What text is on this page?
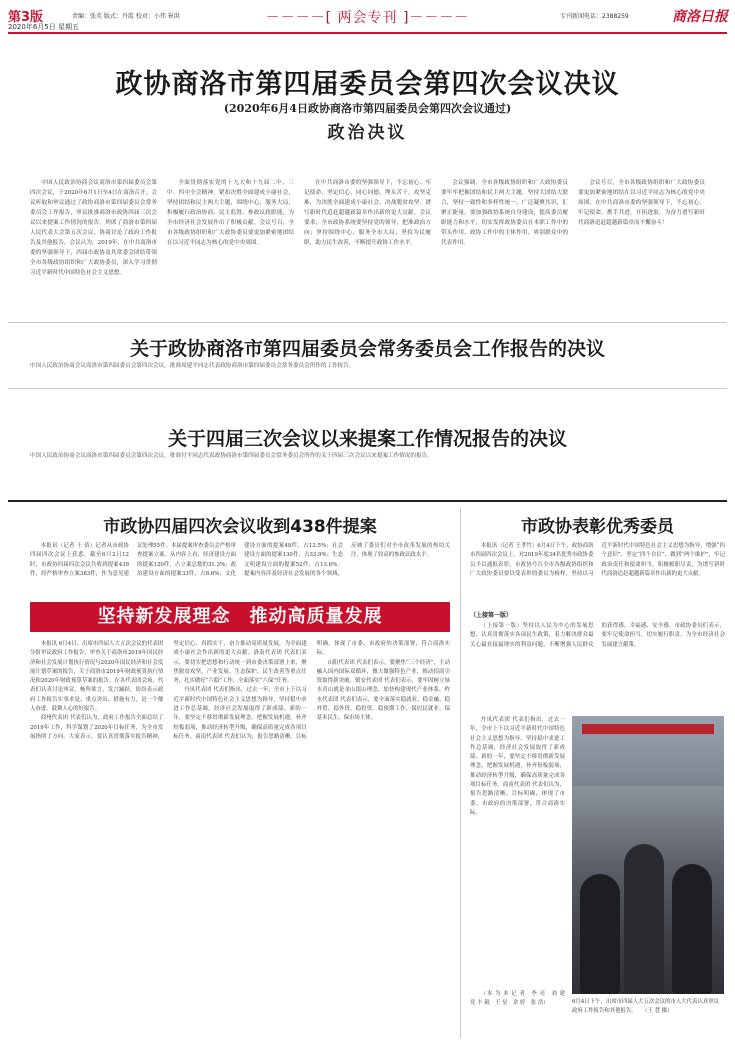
第3版
2020年6月5日 星期五
责编：张英 版式：丹霞 校对：小伟 崔洪	－－－－[ 两会专刊 ]－－－－	专刊新闻电话：2388259	商洛日报
政协商洛市第四届委员会第四次会议决议
(2020年6月4日政协商洛市第四届委员会第四次会议通过)
政治决议

中国人民政治协商会议商洛市第四届委员会第四次会议，于2020年6月1日至4日在商洛召开。会议听取和审议通过了政协商洛市第四届委员会常务委员会工作报告，审议批准商洛市政协四届三次会议以来提案工作情况的报告，列席了商洛市第四届人民代表大会第五次会议，协商讨论了政府工作报告及其他报告。会议认为，2019年，在中共商洛市委的坚强领导下，四届市政协及其常委会团结带领全市各级政协组织和广大政协委员，深入学习贯彻习近平新时代中国特色社会主义思想。

全面贯彻落实党的十九大和十九届二中、三中、四中全会精神，紧扣决胜全面建成小康社会，坚持团结和民主两大主题，围绕中心，服务大局，积极履行政治协商、民主监督、参政议政职能，为全市经济社会发展作出了积极贡献。会议号召，全市各级政协组织和广大政协委员要更加紧密地团结在以习近平同志为核心的党中央周围。

在中共商洛市委的坚强领导下，不忘初心、牢记使命，坚定信心、同心同德，埋头苦干、攻坚克难，为决胜全面建成小康社会、决战脱贫攻坚、谱写新时代追赶超越新篇章作出新的更大贡献。会议要求，全市政协系统要坚持党的领导，把准政治方向；坚持围绕中心，服务全市大局；坚持为民履职，助力民生改善，不断提升政协工作水平。

会议强调，全市各级政协组织和广大政协委员要牢牢把握团结和民主两大主题，坚持大团结大联合，坚持一致性和多样性统一，广泛凝聚共识，汇聚正能量。要加强政协系统自身建设，提高委员履职能力和水平，切实发挥政协委员在本职工作中的带头作用、政协工作中的主体作用、界别群众中的代表作用。

会议号召，全市各级政协组织和广大政协委员要更加紧密地团结在以习近平同志为核心的党中央周围，在中共商洛市委的坚强领导下，不忘初心、牢记使命，携手共进，开拓进取，为奋力谱写新时代商洛追赶超越新篇章而不懈奋斗！

关于政协商洛市第四届委员会常务委员会工作报告的决议
中国人民政治协商会议商洛市第四届委员会第四次会议，批准周建平同志代表政协商洛市第四届委员会常务委员会所作的工作报告。
关于四届三次会议以来提案工作情况报告的决议
中国人民政治协商会议商洛市第四届委员会第四次会议，批准付平同志代表政协商洛市第四届委员会常务委员会所作的关于四届三次会议以来提案工作情况的报告。
市政协四届四次会议收到438件提案

本报讯（记者 王 倩）记者从市政协四届四次会议上获悉，截至6月2日12时，市政协四届四次会议共收到提案438件，经严格审查立案383件，作为意见建议处理55件。本届提案审查委员会严格审查提案立案。从内容上看，经济建设方面的提案120件，占立案总数的31.3%；政治建设方面的提案33件，占8.6%；文化建设方面的提案48件，占12.5%；社会建设方面的提案130件，占33.9%；生态文明建设方面的提案52件，占13.6%。提案内容涉及经济社会发展的各个领域，反映了委员们对全市改革发展的热切关注，体现了较高的参政议政水平。

市政协表彰优秀委员

本报讯（记者 王孝竹）6月4日下午，政协商洛市四届四次会议上，对2019年度34名优秀市政协委员予以通报表彰。市政协号召全市各级政协组织和广大政协委员要以受表彰的委员为榜样，坚持以习近平新时代中国特色社会主义思想为指导，增强“四个意识”、坚定“四个自信”、做到“两个维护”，牢记政治责任和使命担当，积极履职尽责，为谱写新时代商洛追赶超越新篇章作出新的更大贡献。

坚持新发展理念　推动高质量发展

本报讯 6月4日，出席市四届人大五次会议的代表团分组审议政府工作报告，审查关于商洛市2019年国民经济和社会发展计划执行情况与2020年国民经济和社会发展计划草案的报告，关于商洛市2019年财政预算执行情况和2020年财政预算草案的报告。在各代表团会场，代表们认真讨论审议，畅所欲言，发言踊跃，纷纷表示政府工作报告实事求是、重点突出、措施有力，是一个催人奋进、鼓舞人心的好报告。

商州代表团 代表们认为，政府工作报告全面总结了2019年工作，科学谋划了2020年目标任务，为全市发展指明了方向。大家表示，要认真贯彻落实报告精神，坚定信心、真抓实干，奋力推动高质量发展，为全面建成小康社会作出新的更大贡献。洛南代表团 代表们表示，要切实把思想和行动统一到市委决策部署上来，聚焦脱贫攻坚、产业发展、生态保护、民生改善等重点任务，扎实做好“六稳”工作，全面落实“六保”任务。

丹凤代表团 代表们指出，过去一年，全市上下以习近平新时代中国特色社会主义思想为指导，坚持稳中求进工作总基调，经济社会发展取得了新成绩。新的一年，要坚定不移贯彻新发展理念，把握发展机遇，补齐短板弱项，推动经济转型升级，确保高质量完成各项目标任务。商南代表团 代表们认为，报告思路清晰、目标明确，体现了市委、市政府的决策部署，符合商洛实际。

山阳代表团 代表们表示，要聚焦“三个经济”，主动融入国内国际双循环，做大做强特色产业，推动招商引资取得新突破。镇安代表团 代表们表示，要牢固树立绿水青山就是金山银山理念，加快构建现代产业体系。柞水代表团 代表们表示，要全面落实稳就业、稳金融、稳外贸、稳外资、稳投资、稳预期工作，保居民就业、保基本民生、保市场主体。

（上接第一版）

（上接第一版）坚持以人民为中心的发展思想，认真贯彻落实各项民生政策，着力解决群众最关心最直接最现实的利益问题，不断增强人民群众的获得感、幸福感、安全感。市政协委员们表示，要牢记使命担当，切实履行职责，为全市经济社会发展建言献策。

丹凤代表团 代表们指出，过去一年，全市上下以习近平新时代中国特色社会主义思想为指导，坚持稳中求进工作总基调，经济社会发展取得了新成绩。新的一年，要坚定不移贯彻新发展理念，把握发展机遇，补齐短板弱项，推动经济转型升级，确保高质量完成各项目标任务。商南代表团 代表们认为，报告思路清晰、目标明确，体现了市委、市政府的决策部署，符合商洛实际。

6月4日下午，出席市四届人大五次会议的市人大代表认真审议政府工作报告和其他报告。　　（王 慧 摄）

（本 为 本 记 者　李 亮　刘 建　党 丰 毅　王 星　余 婷　张 浩）
